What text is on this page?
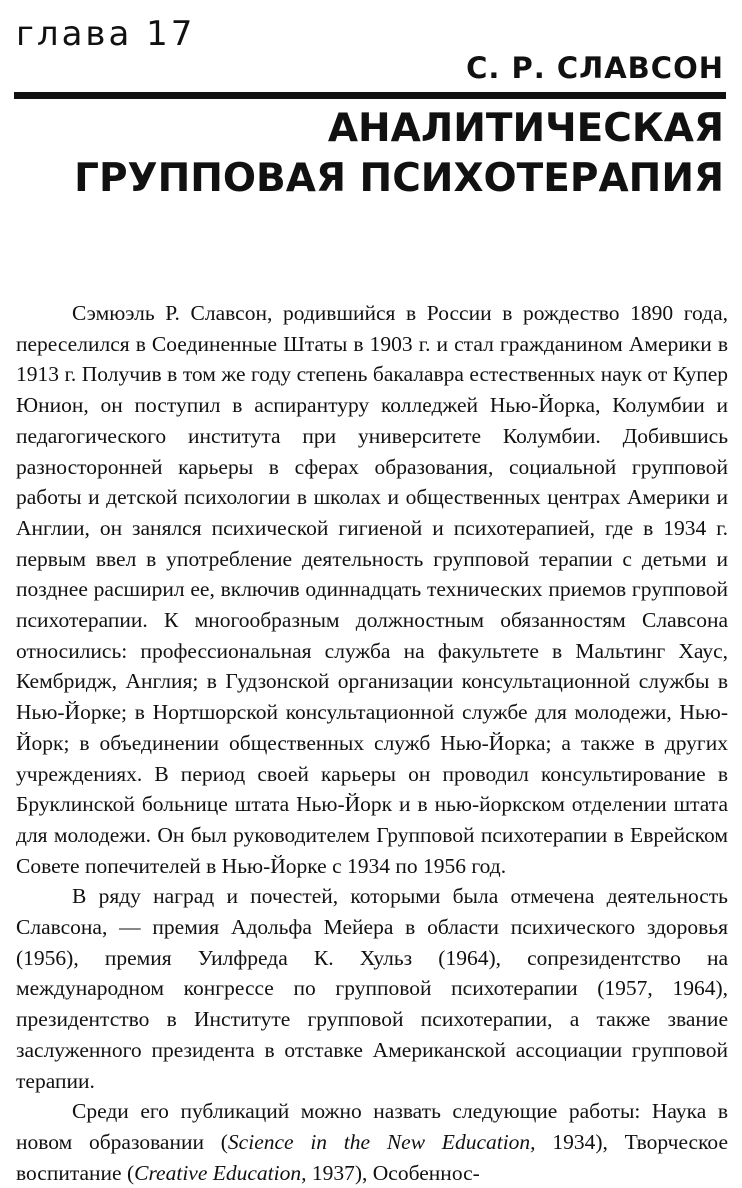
глава 17
С. Р. СЛАВСОН
АНАЛИТИЧЕСКАЯ
ГРУППОВАЯ ПСИХОТЕРАПИЯ

Сэмюэль Р. Славсон, родившийся в России в рождество 1890 года, переселился в Соединенные Штаты в 1903 г. и стал гражданином Америки в 1913 г. Получив в том же году степень бакалавра естественных наук от Купер Юнион, он поступил в аспирантуру колледжей Нью-Йорка, Колумбии и педагогического института при университете Колумбии. Добившись разносторонней карьеры в сферах образования, социальной групповой работы и детской психологии в школах и общественных центрах Америки и Англии, он занялся психической гигиеной и психотерапией, где в 1934 г. первым ввел в употребление деятельность групповой терапии с детьми и позднее расширил ее, включив одиннадцать технических приемов групповой психотерапии. К многообразным должностным обязанностям Славсона относились: профессиональная служба на факультете в Мальтинг Хаус, Кембридж, Англия; в Гудзонской организации консультационной службы в Нью-Йорке; в Нортшорской консультационной службе для молодежи, Нью-Йорк; в объединении общественных служб Нью-Йорка; а также в других учреждениях. В период своей карьеры он проводил консультирование в Бруклинской больнице штата Нью-Йорк и в нью-йоркском отделении штата для молодежи. Он был руководителем Групповой психотерапии в Еврейском Совете попечителей в Нью-Йорке с 1934 по 1956 год.

В ряду наград и почестей, которыми была отмечена деятельность Славсона, — премия Адольфа Мейера в области психического здоровья (1956), премия Уилфреда К. Хульз (1964), сопрезидентство на международном конгрессе по групповой психотерапии (1957, 1964), президентство в Институте групповой психотерапии, а также звание заслуженного президента в отставке Американской ассоциации групповой терапии.

Среди его публикаций можно назвать следующие работы: Наука в новом образовании (Science in the New Education, 1934), Творческое воспитание (Creative Education, 1937), Особеннос-
